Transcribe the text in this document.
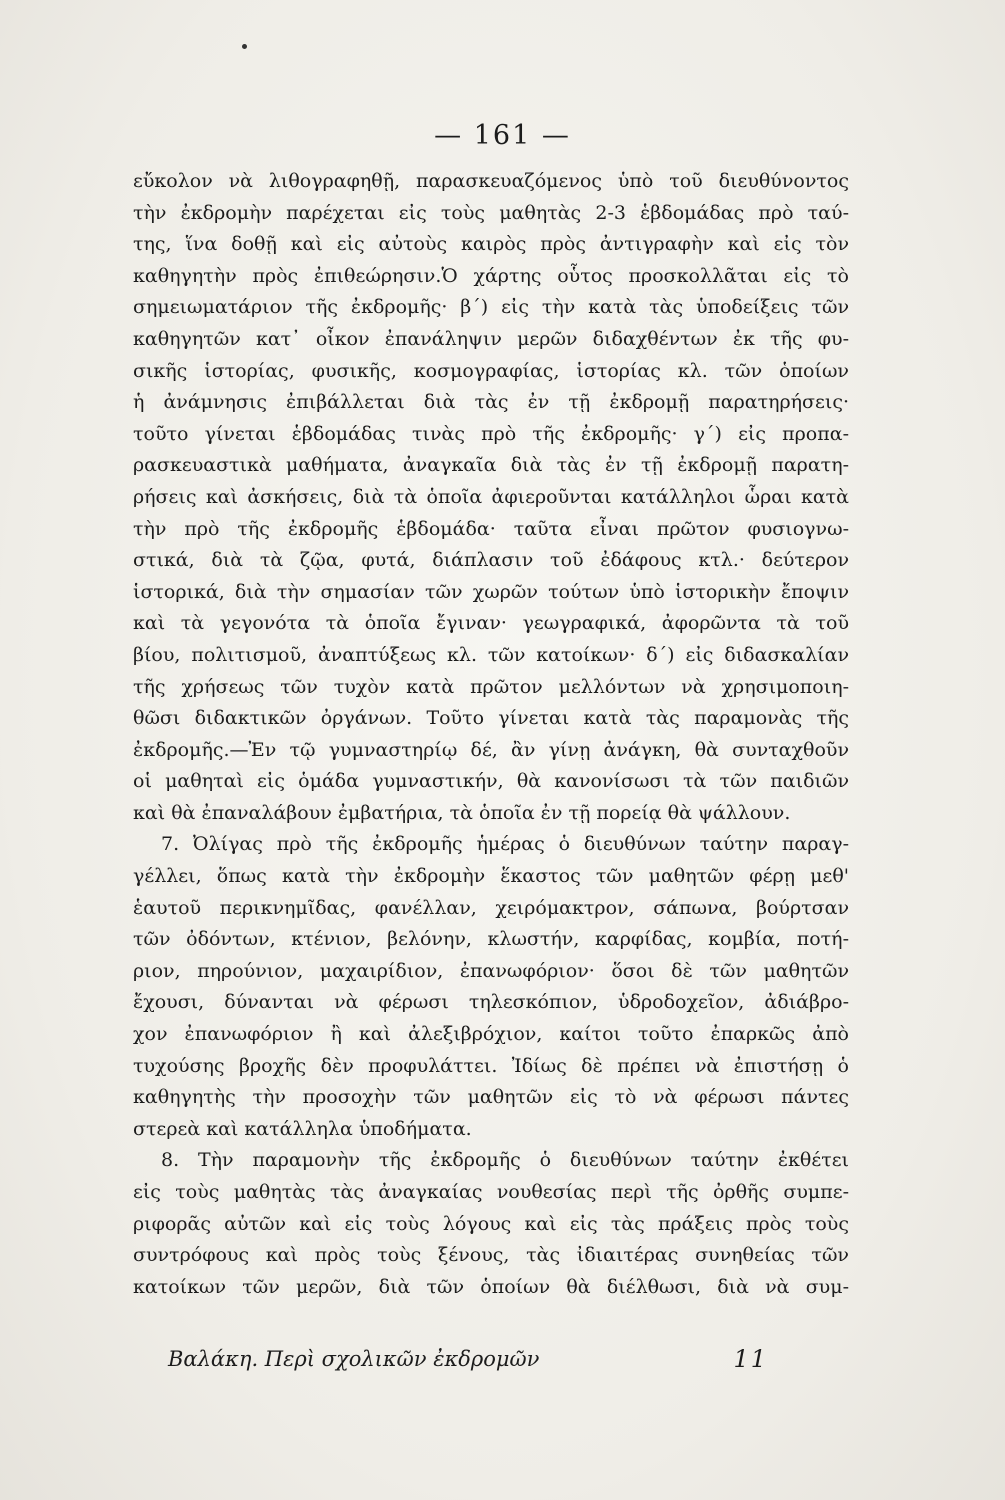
— 161 —
εὔκολον νὰ λιθογραφηθῇ, παρασκευαζόμενος ὑπὸ τοῦ διευθύνοντος
τὴν ἐκδρομὴν παρέχεται εἰς τοὺς μαθητὰς 2-3 ἑβδομάδας πρὸ ταύ-
της, ἵνα δοθῇ καὶ εἰς αὐτοὺς καιρὸς πρὸς ἀντιγραφὴν καὶ εἰς τὸν
καθηγητὴν πρὸς ἐπιθεώρησιν.Ὁ χάρτης οὗτος προσκολλᾶται εἰς τὸ
σημειωματάριον τῆς ἐκδρομῆς· β΄) εἰς τὴν κατὰ τὰς ὑποδείξεις τῶν
καθηγητῶν κατ᾽ οἶκον ἐπανάληψιν μερῶν διδαχθέντων ἐκ τῆς φυ-
σικῆς ἱστορίας, φυσικῆς, κοσμογραφίας, ἱστορίας κλ. τῶν ὁποίων
ἡ ἀνάμνησις ἐπιβάλλεται διὰ τὰς ἐν τῇ ἐκδρομῇ παρατηρήσεις·
τοῦτο γίνεται ἑβδομάδας τινὰς πρὸ τῆς ἐκδρομῆς· γ΄) εἰς προπα-
ρασκευαστικὰ μαθήματα, ἀναγκαῖα διὰ τὰς ἐν τῇ ἐκδρομῇ παρατη-
ρήσεις καὶ ἀσκήσεις, διὰ τὰ ὁποῖα ἀφιεροῦνται κατάλληλοι ὧραι κατὰ
τὴν πρὸ τῆς ἐκδρομῆς ἑβδομάδα· ταῦτα εἶναι πρῶτον φυσιογνω-
στικά, διὰ τὰ ζῷα, φυτά, διάπλασιν τοῦ ἐδάφους κτλ.· δεύτερον
ἱστορικά, διὰ τὴν σημασίαν τῶν χωρῶν τούτων ὑπὸ ἱστορικὴν ἔποψιν
καὶ τὰ γεγονότα τὰ ὁποῖα ἔγιναν· γεωγραφικά, ἀφορῶντα τὰ τοῦ
βίου, πολιτισμοῦ, ἀναπτύξεως κλ. τῶν κατοίκων· δ΄) εἰς διδασκαλίαν
τῆς χρήσεως τῶν τυχὸν κατὰ πρῶτον μελλόντων νὰ χρησιμοποιη-
θῶσι διδακτικῶν ὀργάνων. Τοῦτο γίνεται κατὰ τὰς παραμονὰς τῆς
ἐκδρομῆς.—Ἐν τῷ γυμναστηρίῳ δέ, ἂν γίνῃ ἀνάγκη, θὰ συνταχθοῦν
οἱ μαθηταὶ εἰς ὁμάδα γυμναστικήν, θὰ κανονίσωσι τὰ τῶν παιδιῶν
καὶ θὰ ἐπαναλάβουν ἐμβατήρια, τὰ ὁποῖα ἐν τῇ πορείᾳ θὰ ψάλλουν.
7. Ὀλίγας πρὸ τῆς ἐκδρομῆς ἡμέρας ὁ διευθύνων ταύτην παραγ-
γέλλει, ὅπως κατὰ τὴν ἐκδρομὴν ἕκαστος τῶν μαθητῶν φέρῃ μεθ'
ἑαυτοῦ περικνημῖδας, φανέλλαν, χειρόμακτρον, σάπωνα, βούρτσαν
τῶν ὀδόντων, κτένιον, βελόνην, κλωστήν, καρφίδας, κομβία, ποτή-
ριον, πηρούνιον, μαχαιρίδιον, ἐπανωφόριον· ὅσοι δὲ τῶν μαθητῶν
ἔχουσι, δύνανται νὰ φέρωσι τηλεσκόπιον, ὑδροδοχεῖον, ἀδιάβρο-
χον ἐπανωφόριον ἢ καὶ ἀλεξιβρόχιον, καίτοι τοῦτο ἐπαρκῶς ἀπὸ
τυχούσης βροχῆς δὲν προφυλάττει. Ἰδίως δὲ πρέπει νὰ ἐπιστήσῃ ὁ
καθηγητὴς τὴν προσοχὴν τῶν μαθητῶν εἰς τὸ νὰ φέρωσι πάντες
στερεὰ καὶ κατάλληλα ὑποδήματα.
8. Τὴν παραμονὴν τῆς ἐκδρομῆς ὁ διευθύνων ταύτην ἐκθέτει
εἰς τοὺς μαθητὰς τὰς ἀναγκαίας νουθεσίας περὶ τῆς ὀρθῆς συμπε-
ριφορᾶς αὐτῶν καὶ εἰς τοὺς λόγους καὶ εἰς τὰς πράξεις πρὸς τοὺς
συντρόφους καὶ πρὸς τοὺς ξένους, τὰς ἰδιαιτέρας συνηθείας τῶν
κατοίκων τῶν μερῶν, διὰ τῶν ὁποίων θὰ διέλθωσι, διὰ νὰ συμ-
Βαλάκη. Περὶ σχολικῶν ἐκδρομῶν	11
